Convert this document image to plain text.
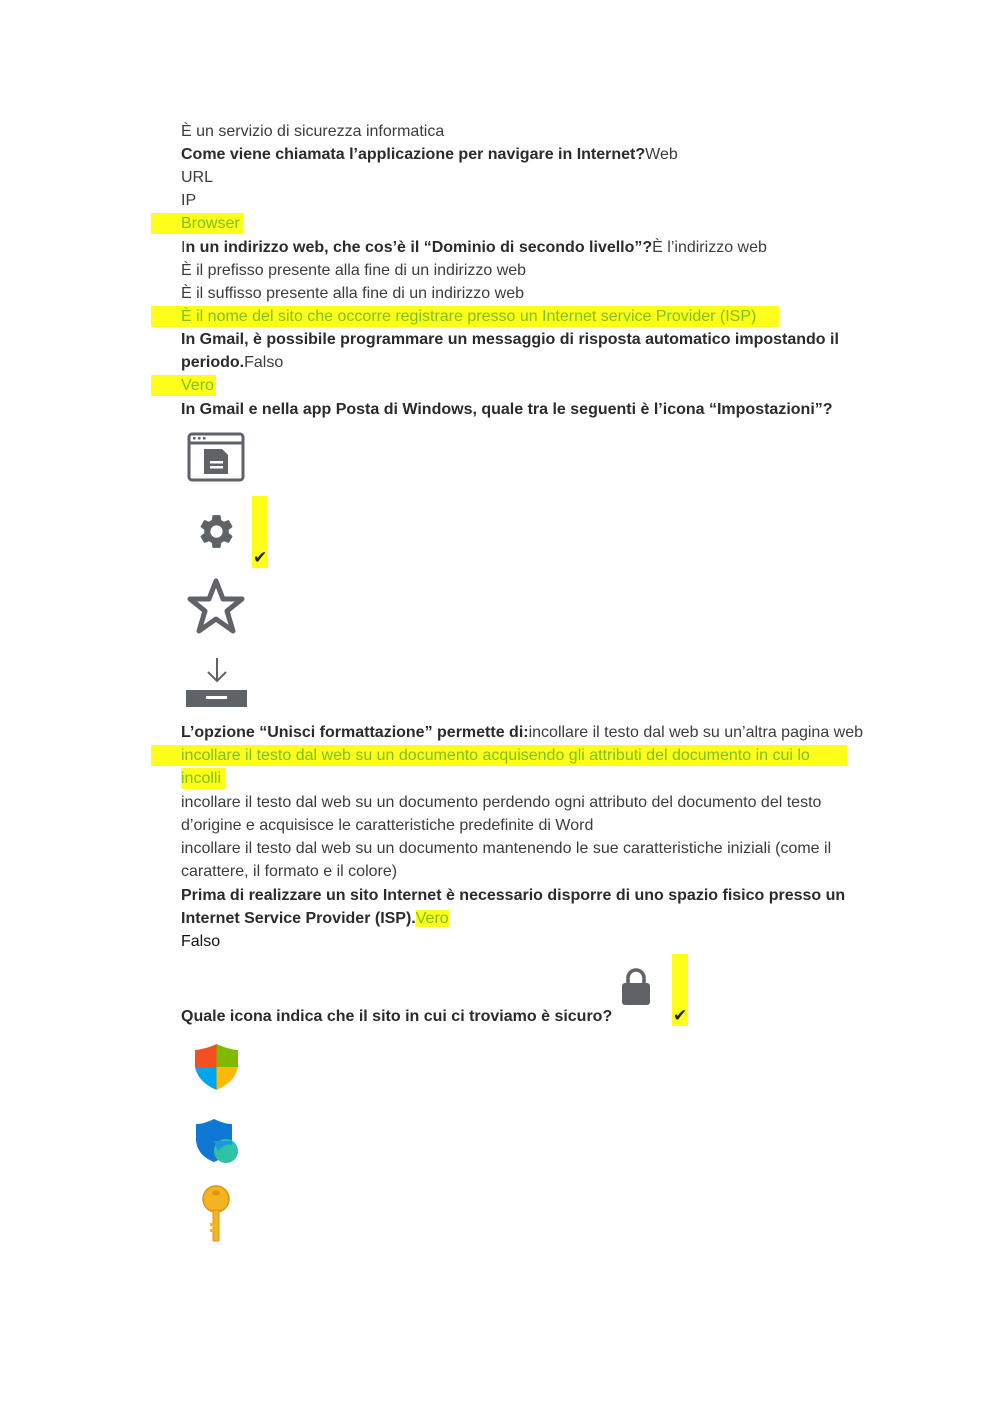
È un servizio di sicurezza informatica
Come viene chiamata l’applicazione per navigare in Internet?Web
URL
IP
Browser
In un indirizzo web, che cos’è il “Dominio di secondo livello”?È l’indirizzo web
È il prefisso presente alla fine di un indirizzo web
È il suffisso presente alla fine di un indirizzo web
È il nome del sito che occorre registrare presso un Internet service Provider (ISP)
In Gmail, è possibile programmare un messaggio di risposta automatico impostando il
periodo.Falso
Vero
In Gmail e nella app Posta di Windows, quale tra le seguenti è l’icona “Impostazioni”?
✔
L’opzione “Unisci formattazione” permette di:incollare il testo dal web su un’altra pagina web
incollare il testo dal web su un documento acquisendo gli attributi del documento in cui lo
incolli
incollare il testo dal web su un documento perdendo ogni attributo del documento del testo
d’origine e acquisisce le caratteristiche predefinite di Word
incollare il testo dal web su un documento mantenendo le sue caratteristiche iniziali (come il
carattere, il formato e il colore)
Prima di realizzare un sito Internet è necessario disporre di uno spazio fisico presso un
Internet Service Provider (ISP).Vero
Falso
Quale icona indica che il sito in cui ci troviamo è sicuro?	✔
